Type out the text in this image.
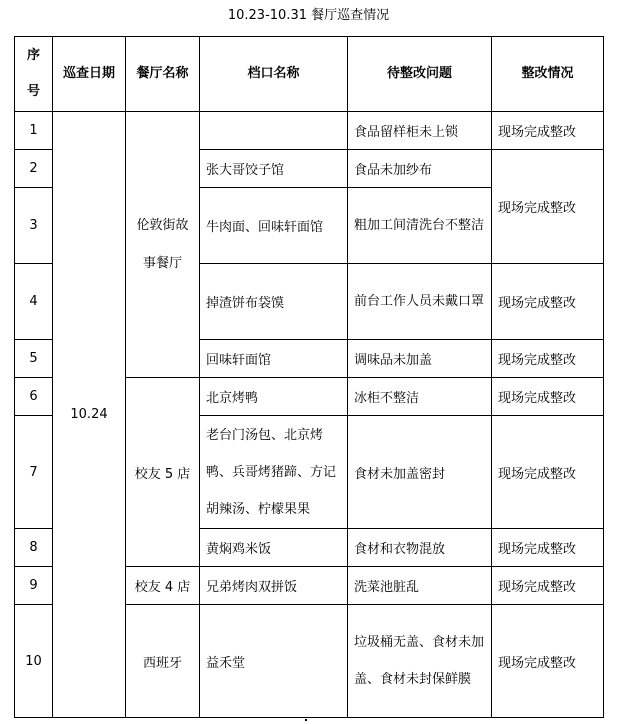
10.23-10.31 餐厅巡查情况
序号	巡查日期	餐厅名称	档口名称	待整改问题	整改情况
1	10.24	伦敦街故事餐厅		食品留样柜未上锁	现场完成整改
2			张大哥饺子馆	食品未加纱布	现场完成整改
3			牛肉面、回味轩面馆	粗加工间清洗台不整洁	
4			掉渣饼布袋馍	前台工作人员未戴口罩	现场完成整改
5			回味轩面馆	调味品未加盖	现场完成整改
6		校友 5 店	北京烤鸭	冰柜不整洁	现场完成整改
7			老台门汤包、北京烤鸭、兵哥烤猪蹄、方记胡辣汤、柠檬果果	食材未加盖密封	现场完成整改
8			黄焖鸡米饭	食材和衣物混放	现场完成整改
9		校友 4 店	兄弟烤肉双拼饭	洗菜池脏乱	现场完成整改
10		西班牙	益禾堂	垃圾桶无盖、食材未加盖、食材未封保鲜膜	现场完成整改
